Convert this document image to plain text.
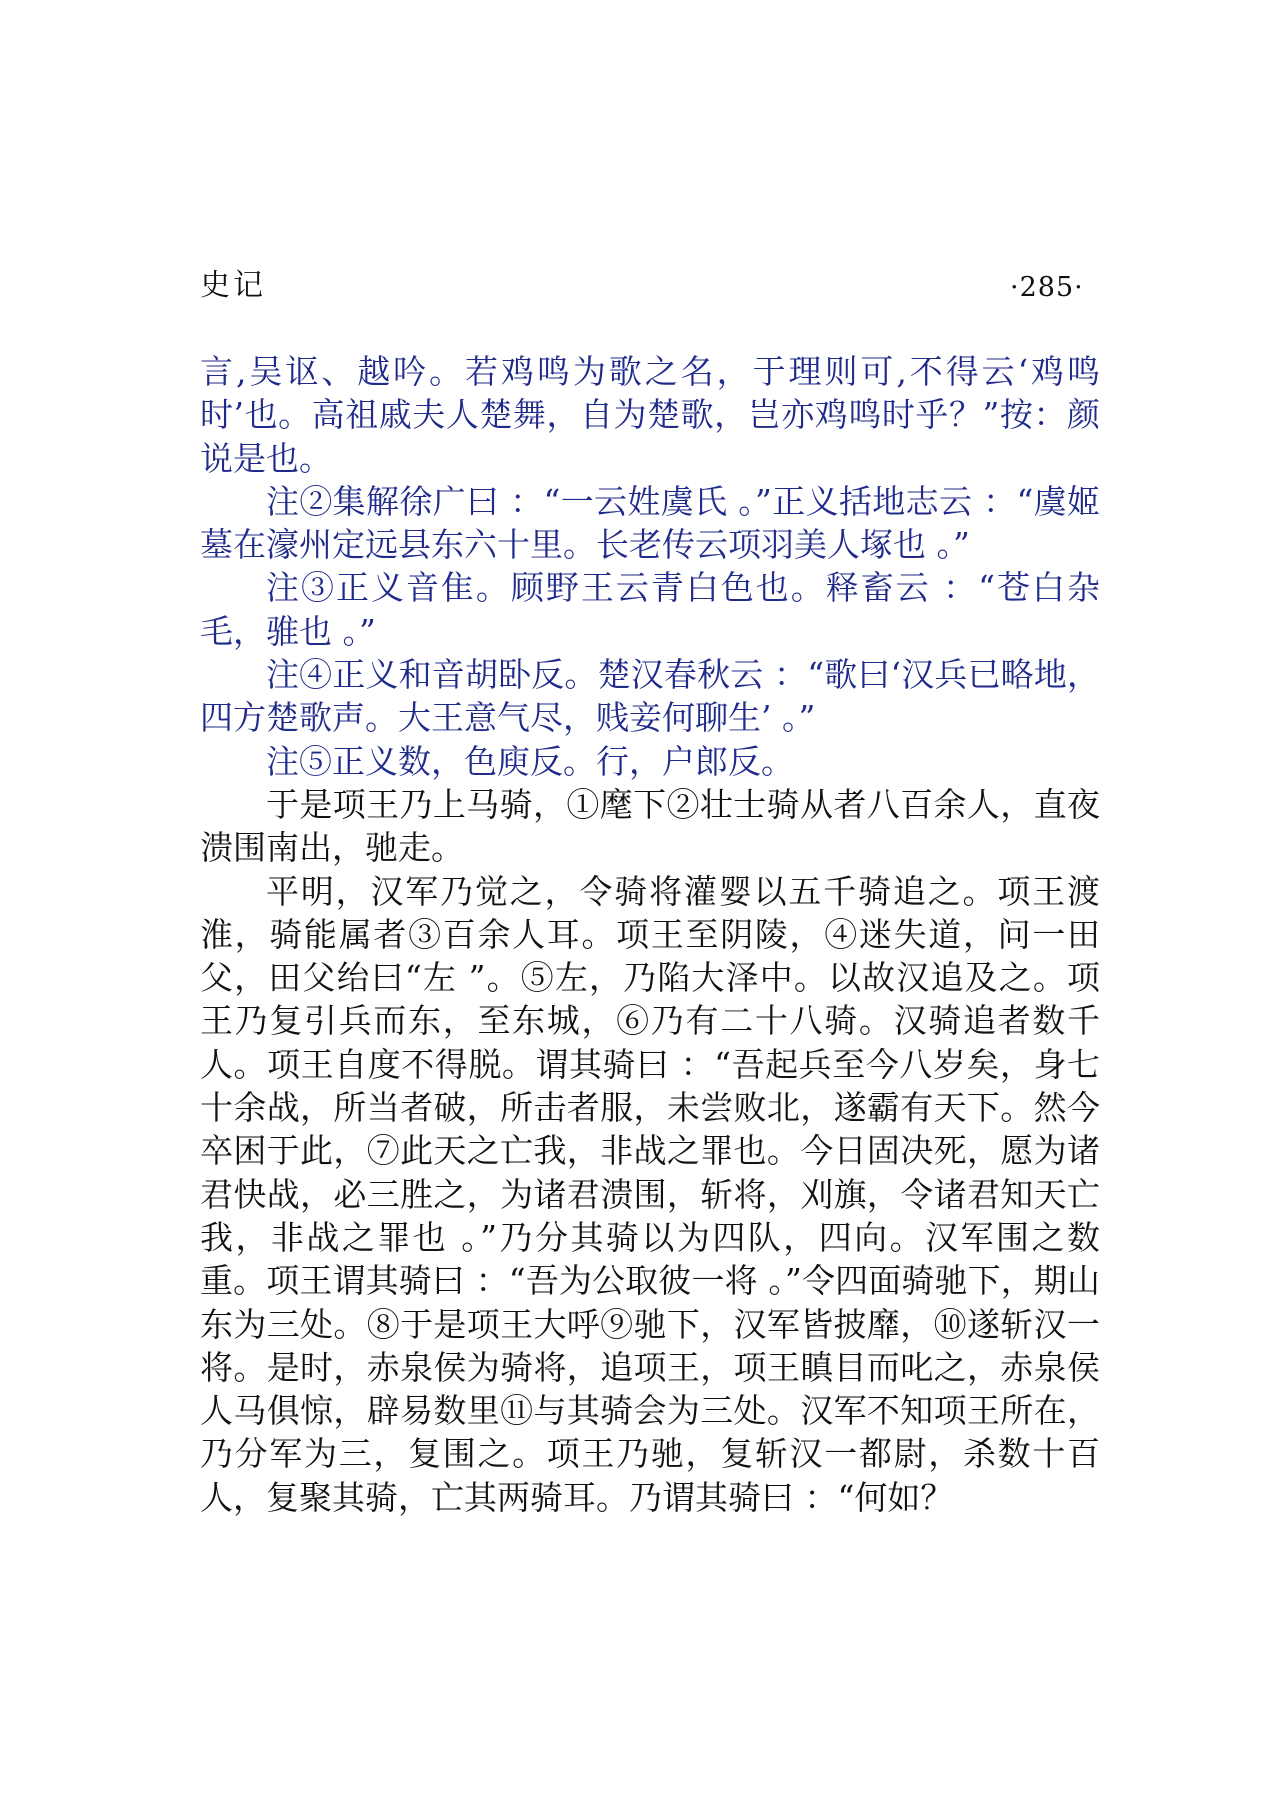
史记	·285·

言,吴讴、越吟。若鸡鸣为歌之名，于理则可,不得云‘鸡鸣时’也。高祖戚夫人楚舞，自为楚歌，岂亦鸡鸣时乎？”按：颜说是也。

注②集解徐广曰 ：“一云姓虞氏 。”正义括地志云 ：“虞姬墓在濠州定远县东六十里。长老传云项羽美人塚也 。”

注③正义音隹。顾野王云青白色也。释畜云 ：“苍白杂毛，骓也 。”

注④正义和音胡卧反。楚汉春秋云 ：“歌曰‘汉兵已略地，四方楚歌声。大王意气尽，贱妾何聊生’ 。”

注⑤正义数，色庾反。行，户郎反。

于是项王乃上马骑，①麾下②壮士骑从者八百余人，直夜溃围南出，驰走。

平明，汉军乃觉之，令骑将灌婴以五千骑追之。项王渡淮，骑能属者③百余人耳。项王至阴陵，④迷失道，问一田父，田父绐曰“左 ”。⑤左，乃陷大泽中。以故汉追及之。项王乃复引兵而东，至东城，⑥乃有二十八骑。汉骑追者数千人。项王自度不得脱。谓其骑曰 ：“吾起兵至今八岁矣，身七十余战，所当者破，所击者服，未尝败北，遂霸有天下。然今卒困于此，⑦此天之亡我，非战之罪也。今日固决死，愿为诸君快战，必三胜之，为诸君溃围，斩将，刈旗，令诸君知天亡我，非战之罪也 。”乃分其骑以为四队，四向。汉军围之数重。项王谓其骑曰 ：“吾为公取彼一将 。”令四面骑驰下，期山东为三处。⑧于是项王大呼⑨驰下，汉军皆披靡，⑩遂斩汉一将。是时，赤泉侯为骑将，追项王，项王瞋目而叱之，赤泉侯人马俱惊，辟易数里⑪与其骑会为三处。汉军不知项王所在，乃分军为三，复围之。项王乃驰，复斩汉一都尉，杀数十百人，复聚其骑，亡其两骑耳。乃谓其骑曰 ：“何如？
